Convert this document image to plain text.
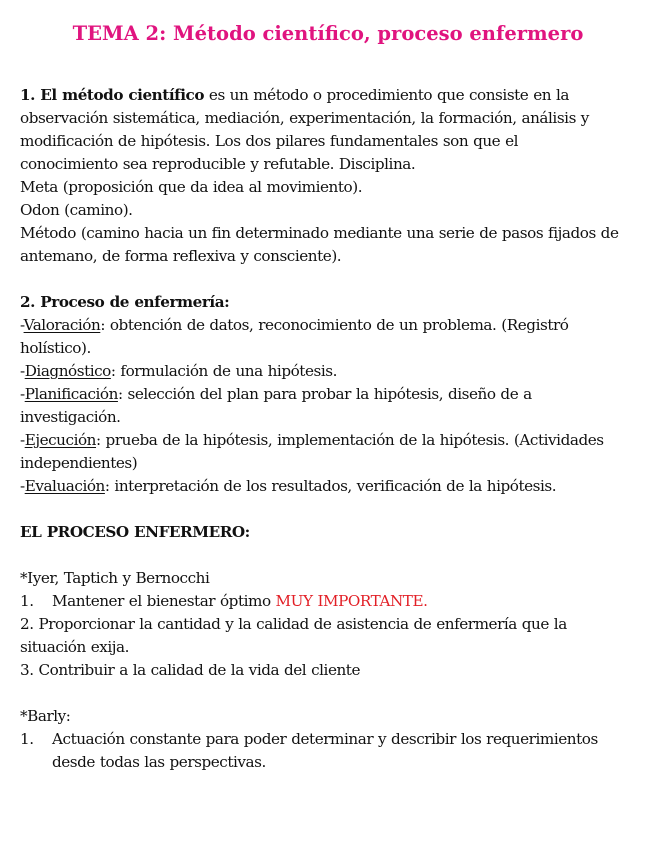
TEMA 2: Método científico, proceso enfermero

1. El método científico es un método o procedimiento que consiste en la observación sistemática, mediación, experimentación, la formación, análisis y modificación de hipótesis. Los dos pilares fundamentales son que el conocimiento sea reproducible y refutable. Disciplina.

Meta (proposición que da idea al movimiento).

Odon (camino).

Método (camino hacia un fin determinado mediante una serie de pasos fijados de antemano, de forma reflexiva y consciente).

2. Proceso de enfermería:

-Valoración: obtención de datos, reconocimiento de un problema. (Registró holístico).

-Diagnóstico: formulación de una hipótesis.

-Planificación: selección del plan para probar la hipótesis, diseño de a investigación.

-Ejecución: prueba de la hipótesis, implementación de la hipótesis. (Actividades independientes)

-Evaluación: interpretación de los resultados, verificación de la hipótesis.

EL PROCESO ENFERMERO:

*Iyer, Taptich y Bernocchi

1.	Mantener el bienestar óptimo MUY IMPORTANTE.

2. Proporcionar la cantidad y la calidad de asistencia de enfermería que la situación exija.

3. Contribuir a la calidad de la vida del cliente

*Barly:

1.	Actuación constante para poder determinar y describir los requerimientos desde todas las perspectivas.
